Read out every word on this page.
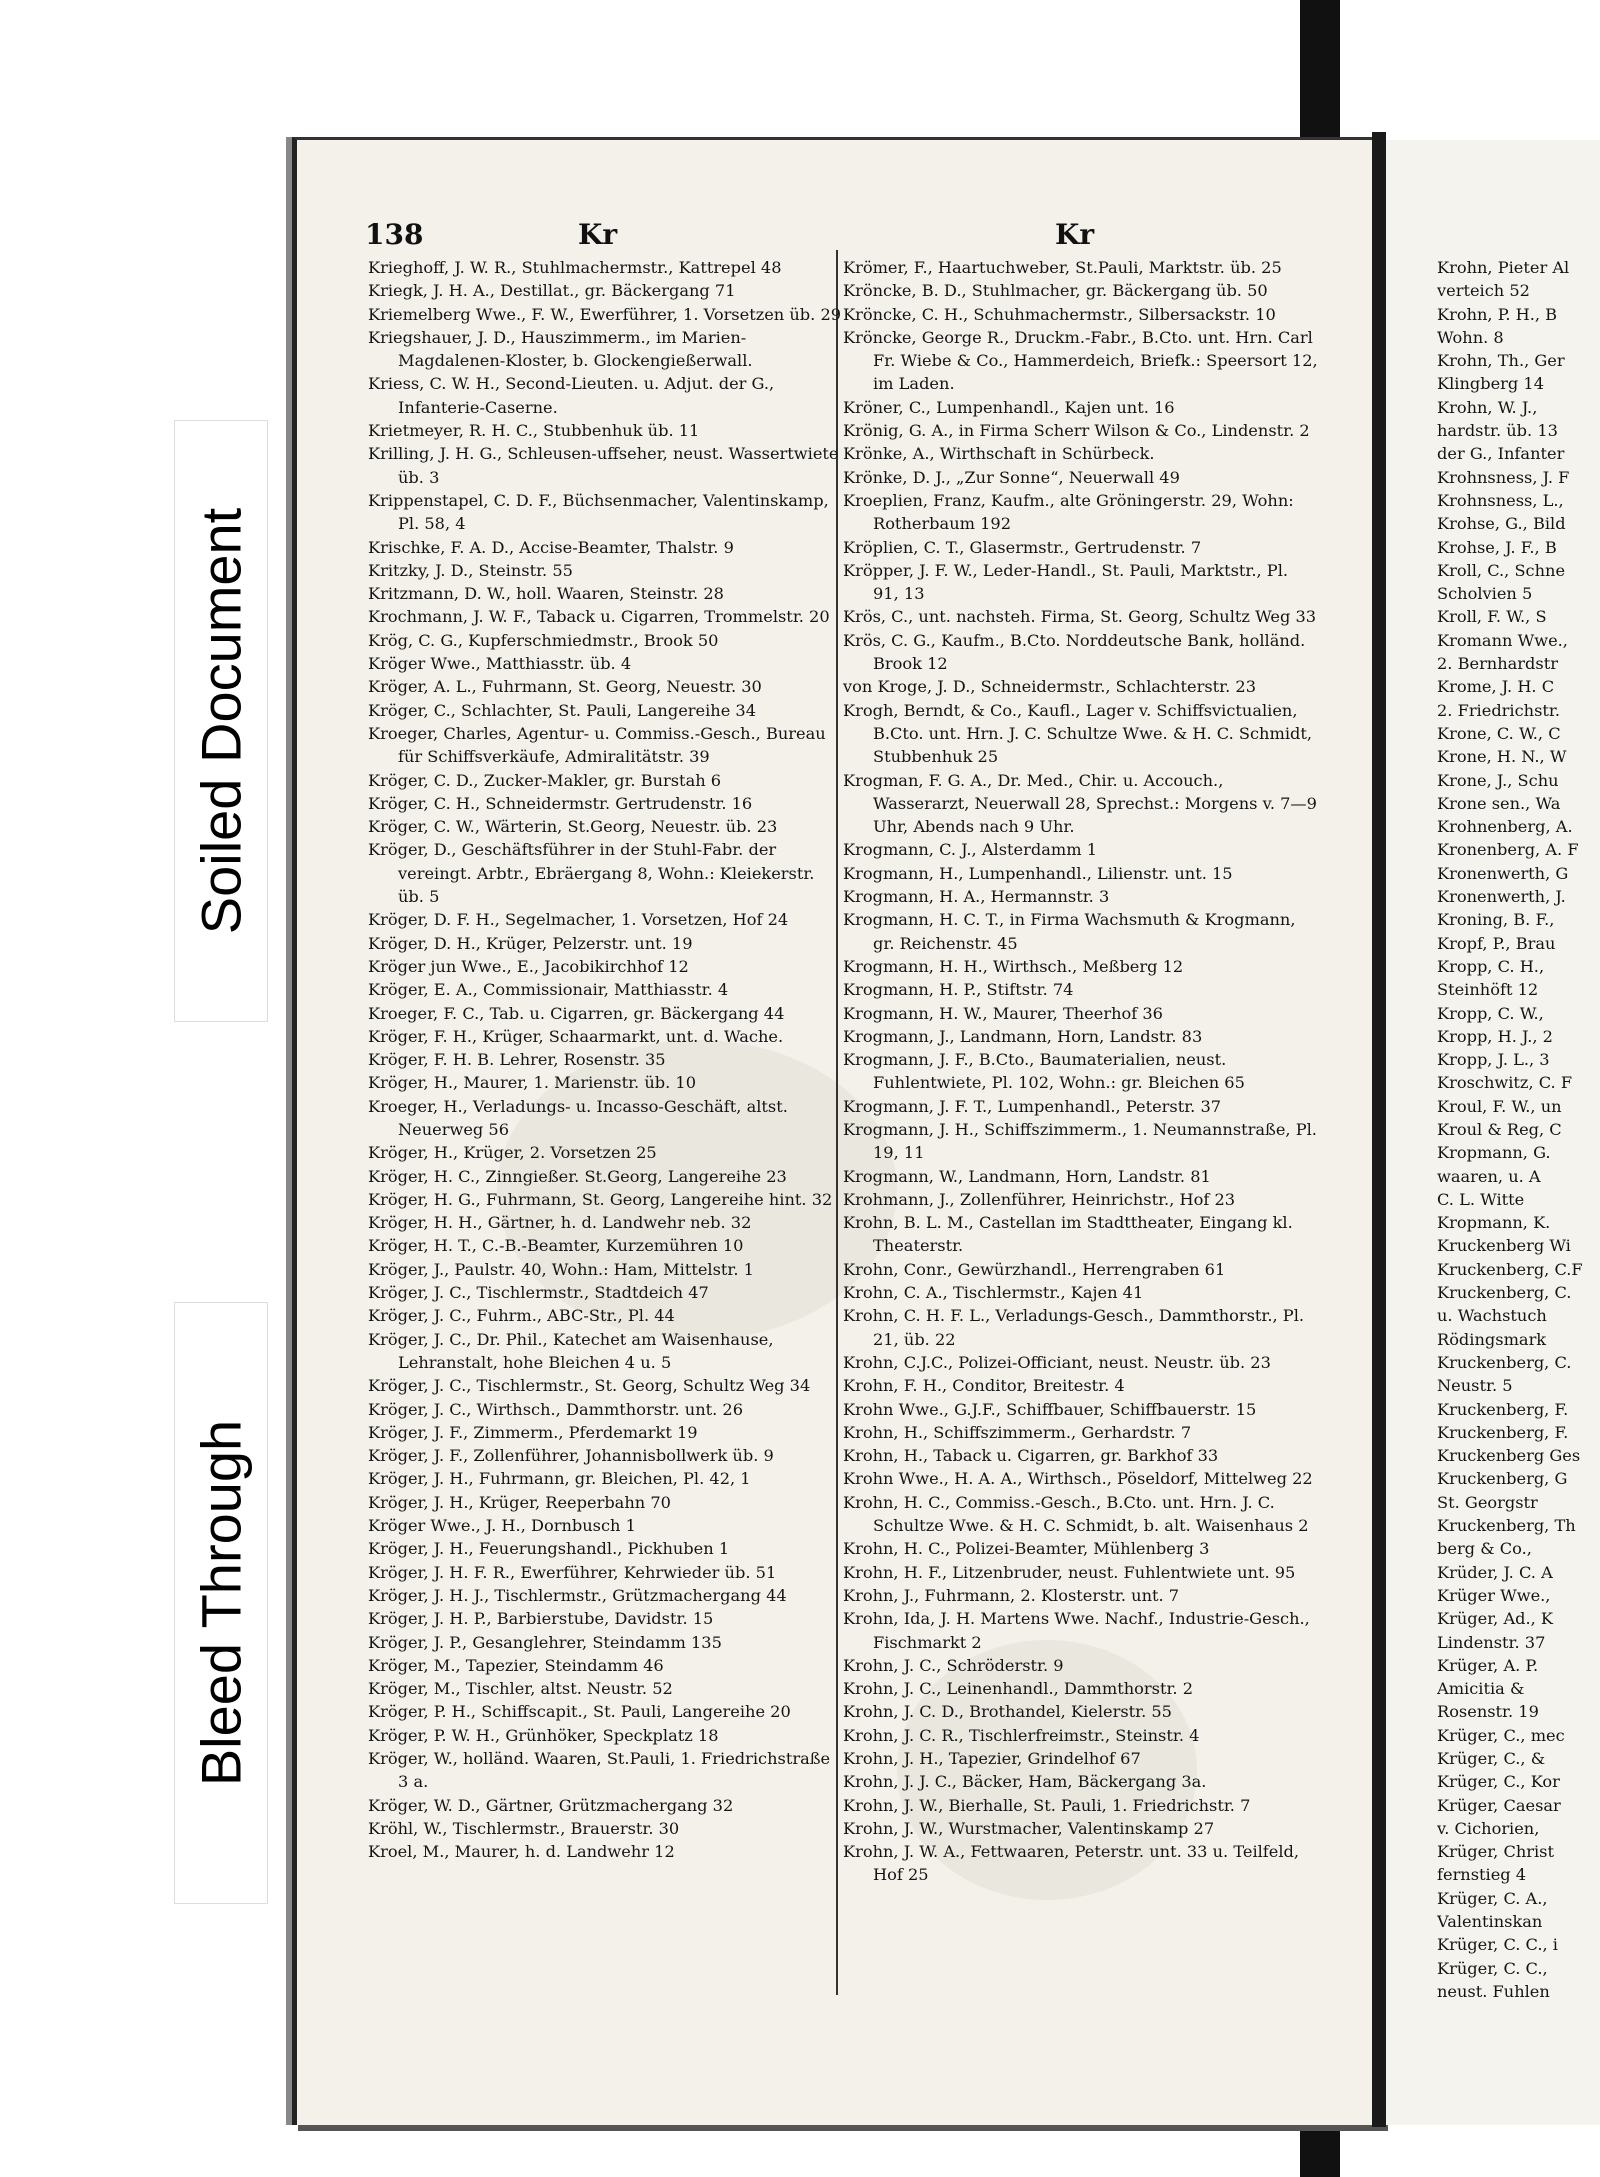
Soiled Document
Bleed Through
138	Kr	Kr
Krieghoff, J. W. R., Stuhlmachermstr., Kattrepel 48
Kriegk, J. H. A., Destillat., gr. Bäckergang 71
Kriemelberg Wwe., F. W., Ewerführer, 1. Vorsetzen üb. 29
Kriegshauer, J. D., Hauszimmerm., im Marien-Magdalenen-Kloster, b. Glockengießerwall.
Kriess, C. W. H., Second-Lieuten. u. Adjut. der G., Infanterie-Caserne.
Krietmeyer, R. H. C., Stubbenhuk üb. 11
Krilling, J. H. G., Schleusen-uffseher, neust. Wassertwiete üb. 3
Krippenstapel, C. D. F., Büchsenmacher, Valentinskamp, Pl. 58, 4
Krischke, F. A. D., Accise-Beamter, Thalstr. 9
Kritzky, J. D., Steinstr. 55
Kritzmann, D. W., holl. Waaren, Steinstr. 28
Krochmann, J. W. F., Taback u. Cigarren, Trommelstr. 20
Krög, C. G., Kupferschmiedmstr., Brook 50
Kröger Wwe., Matthiasstr. üb. 4
Kröger, A. L., Fuhrmann, St. Georg, Neuestr. 30
Kröger, C., Schlachter, St. Pauli, Langereihe 34
Kroeger, Charles, Agentur- u. Commiss.-Gesch., Bureau für Schiffsverkäufe, Admiralitätstr. 39
Kröger, C. D., Zucker-Makler, gr. Burstah 6
Kröger, C. H., Schneidermstr. Gertrudenstr. 16
Kröger, C. W., Wärterin, St.Georg, Neuestr. üb. 23
Kröger, D., Geschäftsführer in der Stuhl-Fabr. der vereingt. Arbtr., Ebräergang 8, Wohn.: Kleiekerstr. üb. 5
Kröger, D. F. H., Segelmacher, 1. Vorsetzen, Hof 24
Kröger, D. H., Krüger, Pelzerstr. unt. 19
Kröger jun Wwe., E., Jacobikirchhof 12
Kröger, E. A., Commissionair, Matthiasstr. 4
Kroeger, F. C., Tab. u. Cigarren, gr. Bäckergang 44
Kröger, F. H., Krüger, Schaarmarkt, unt. d. Wache.
Kröger, F. H. B. Lehrer, Rosenstr. 35
Kröger, H., Maurer, 1. Marienstr. üb. 10
Kroeger, H., Verladungs- u. Incasso-Geschäft, altst. Neuerweg 56
Kröger, H., Krüger, 2. Vorsetzen 25
Kröger, H. C., Zinngießer. St.Georg, Langereihe 23
Kröger, H. G., Fuhrmann, St. Georg, Langereihe hint. 32
Kröger, H. H., Gärtner, h. d. Landwehr neb. 32
Kröger, H. T., C.-B.-Beamter, Kurzemühren 10
Kröger, J., Paulstr. 40, Wohn.: Ham, Mittelstr. 1
Kröger, J. C., Tischlermstr., Stadtdeich 47
Kröger, J. C., Fuhrm., ABC-Str., Pl. 44
Kröger, J. C., Dr. Phil., Katechet am Waisenhause, Lehranstalt, hohe Bleichen 4 u. 5
Kröger, J. C., Tischlermstr., St. Georg, Schultz Weg 34
Kröger, J. C., Wirthsch., Dammthorstr. unt. 26
Kröger, J. F., Zimmerm., Pferdemarkt 19
Kröger, J. F., Zollenführer, Johannisbollwerk üb. 9
Kröger, J. H., Fuhrmann, gr. Bleichen, Pl. 42, 1
Kröger, J. H., Krüger, Reeperbahn 70
Kröger Wwe., J. H., Dornbusch 1
Kröger, J. H., Feuerungshandl., Pickhuben 1
Kröger, J. H. F. R., Ewerführer, Kehrwieder üb. 51
Kröger, J. H. J., Tischlermstr., Grützmachergang 44
Kröger, J. H. P., Barbierstube, Davidstr. 15
Kröger, J. P., Gesanglehrer, Steindamm 135
Kröger, M., Tapezier, Steindamm 46
Kröger, M., Tischler, altst. Neustr. 52
Kröger, P. H., Schiffscapit., St. Pauli, Langereihe 20
Kröger, P. W. H., Grünhöker, Speckplatz 18
Kröger, W., holländ. Waaren, St.Pauli, 1. Friedrichstraße 3 a.
Kröger, W. D., Gärtner, Grützmachergang 32
Kröhl, W., Tischlermstr., Brauerstr. 30
Kroel, M., Maurer, h. d. Landwehr 12
Krömer, F., Haartuchweber, St.Pauli, Marktstr. üb. 25
Kröncke, B. D., Stuhlmacher, gr. Bäckergang üb. 50
Kröncke, C. H., Schuhmachermstr., Silbersackstr. 10
Kröncke, George R., Druckm.-Fabr., B.Cto. unt. Hrn. Carl Fr. Wiebe & Co., Hammerdeich, Briefk.: Speersort 12, im Laden.
Kröner, C., Lumpenhandl., Kajen unt. 16
Krönig, G. A., in Firma Scherr Wilson & Co., Lindenstr. 2
Krönke, A., Wirthschaft in Schürbeck.
Krönke, D. J., „Zur Sonne“, Neuerwall 49
Kroeplien, Franz, Kaufm., alte Gröningerstr. 29, Wohn: Rotherbaum 192
Kröplien, C. T., Glasermstr., Gertrudenstr. 7
Kröpper, J. F. W., Leder-Handl., St. Pauli, Marktstr., Pl. 91, 13
Krös, C., unt. nachsteh. Firma, St. Georg, Schultz Weg 33
Krös, C. G., Kaufm., B.Cto. Norddeutsche Bank, holländ. Brook 12
von Kroge, J. D., Schneidermstr., Schlachterstr. 23
Krogh, Berndt, & Co., Kaufl., Lager v. Schiffsvictualien, B.Cto. unt. Hrn. J. C. Schultze Wwe. & H. C. Schmidt, Stubbenhuk 25
Krogman, F. G. A., Dr. Med., Chir. u. Accouch., Wasserarzt, Neuerwall 28, Sprechst.: Morgens v. 7—9 Uhr, Abends nach 9 Uhr.
Krogmann, C. J., Alsterdamm 1
Krogmann, H., Lumpenhandl., Lilienstr. unt. 15
Krogmann, H. A., Hermannstr. 3
Krogmann, H. C. T., in Firma Wachsmuth & Krogmann, gr. Reichenstr. 45
Krogmann, H. H., Wirthsch., Meßberg 12
Krogmann, H. P., Stiftstr. 74
Krogmann, H. W., Maurer, Theerhof 36
Krogmann, J., Landmann, Horn, Landstr. 83
Krogmann, J. F., B.Cto., Baumaterialien, neust. Fuhlentwiete, Pl. 102, Wohn.: gr. Bleichen 65
Krogmann, J. F. T., Lumpenhandl., Peterstr. 37
Krogmann, J. H., Schiffszimmerm., 1. Neumannstraße, Pl. 19, 11
Krogmann, W., Landmann, Horn, Landstr. 81
Krohmann, J., Zollenführer, Heinrichstr., Hof 23
Krohn, B. L. M., Castellan im Stadttheater, Eingang kl. Theaterstr.
Krohn, Conr., Gewürzhandl., Herrengraben 61
Krohn, C. A., Tischlermstr., Kajen 41
Krohn, C. H. F. L., Verladungs-Gesch., Dammthorstr., Pl. 21, üb. 22
Krohn, C.J.C., Polizei-Officiant, neust. Neustr. üb. 23
Krohn, F. H., Conditor, Breitestr. 4
Krohn Wwe., G.J.F., Schiffbauer, Schiffbauerstr. 15
Krohn, H., Schiffszimmerm., Gerhardstr. 7
Krohn, H., Taback u. Cigarren, gr. Barkhof 33
Krohn Wwe., H. A. A., Wirthsch., Pöseldorf, Mittelweg 22
Krohn, H. C., Commiss.-Gesch., B.Cto. unt. Hrn. J. C. Schultze Wwe. & H. C. Schmidt, b. alt. Waisenhaus 2
Krohn, H. C., Polizei-Beamter, Mühlenberg 3
Krohn, H. F., Litzenbruder, neust. Fuhlentwiete unt. 95
Krohn, J., Fuhrmann, 2. Klosterstr. unt. 7
Krohn, Ida, J. H. Martens Wwe. Nachf., Industrie-Gesch., Fischmarkt 2
Krohn, J. C., Schröderstr. 9
Krohn, J. C., Leinenhandl., Dammthorstr. 2
Krohn, J. C. D., Brothandel, Kielerstr. 55
Krohn, J. C. R., Tischlerfreimstr., Steinstr. 4
Krohn, J. H., Tapezier, Grindelhof 67
Krohn, J. J. C., Bäcker, Ham, Bäckergang 3a.
Krohn, J. W., Bierhalle, St. Pauli, 1. Friedrichstr. 7
Krohn, J. W., Wurstmacher, Valentinskamp 27
Krohn, J. W. A., Fettwaaren, Peterstr. unt. 33 u. Teilfeld, Hof 25
Krohn, Pieter Al
verteich 52
Krohn, P. H., B
Wohn. 8
Krohn, Th., Ger
Klingberg 14
Krohn, W. J.,
hardstr. üb. 13
der G., Infanter
Krohnsness, J. F
Krohnsness, L.,
Krohse, G., Bild
Krohse, J. F., B
Kroll, C., Schne
Scholvien 5
Kroll, F. W., S
Kromann Wwe.,
2. Bernhardstr
Krome, J. H. C
2. Friedrichstr.
Krone, C. W., C
Krone, H. N., W
Krone, J., Schu
Krone sen., Wa
Krohnenberg, A.
Kronenberg, A. F
Kronenwerth, G
Kronenwerth, J.
Kroning, B. F.,
Kropf, P., Brau
Kropp, C. H.,
Steinhöft 12
Kropp, C. W.,
Kropp, H. J., 2
Kropp, J. L., 3
Kroschwitz, C. F
Kroul, F. W., un
Kroul & Reg, C
Kropmann, G.
waaren, u. A
C. L. Witte
Kropmann, K.
Kruckenberg Wi
Kruckenberg, C.F
Kruckenberg, C.
u. Wachstuch
Rödingsmark
Kruckenberg, C.
Neustr. 5
Kruckenberg, F.
Kruckenberg, F.
Kruckenberg Ges
Kruckenberg, G
St. Georgstr
Kruckenberg, Th
berg & Co.,
Krüder, J. C. A
Krüger Wwe.,
Krüger, Ad., K
Lindenstr. 37
Krüger, A. P.
Amicitia &
Rosenstr. 19
Krüger, C., mec
Krüger, C., &
Krüger, C., Kor
Krüger, Caesar
v. Cichorien,
Krüger, Christ
fernstieg 4
Krüger, C. A.,
Valentinskan
Krüger, C. C., i
Krüger, C. C.,
neust. Fuhlen
